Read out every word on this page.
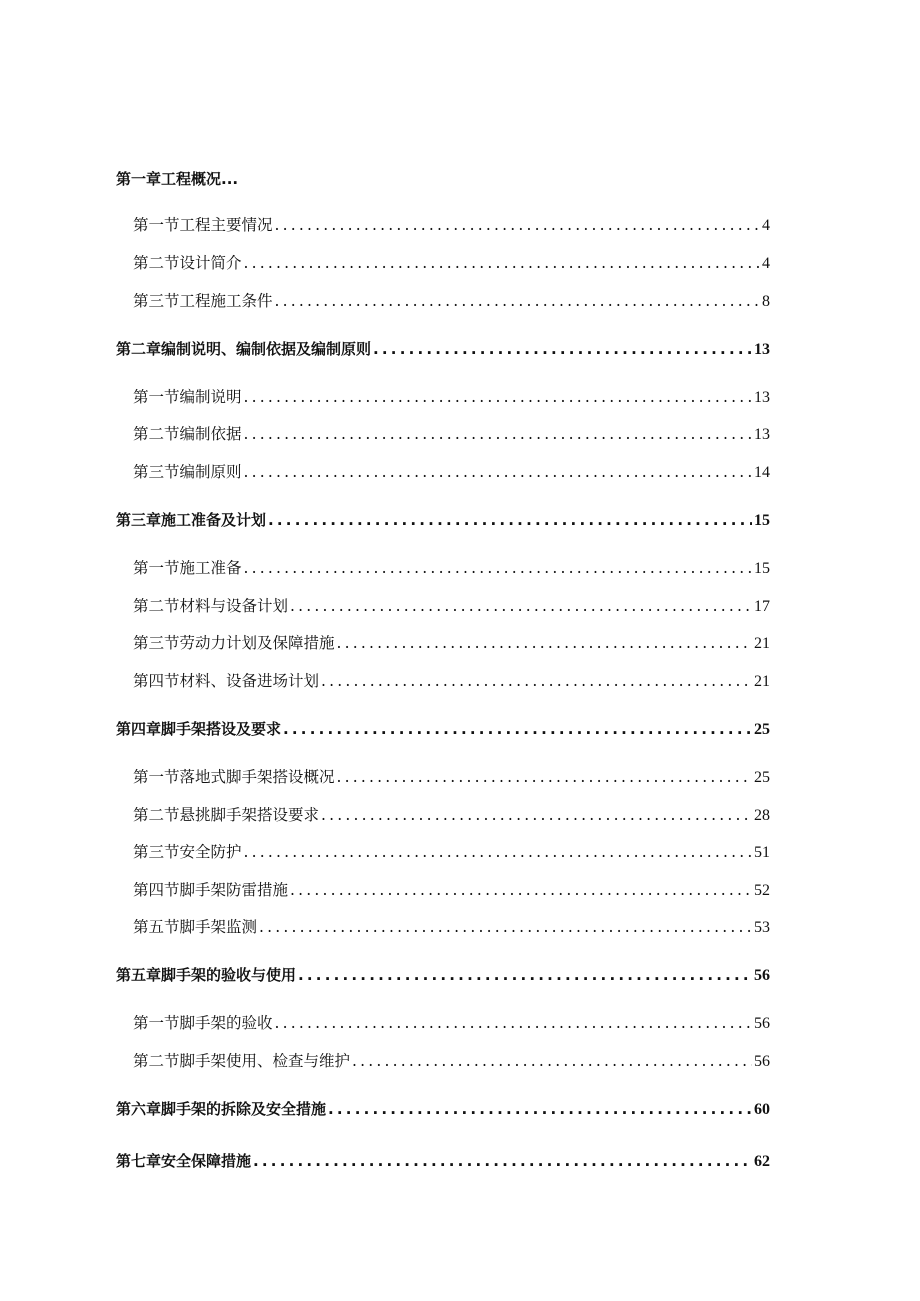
第一章工程概况...
第一节工程主要情况 .....	4
第二节设计简介 .....	4
第三节工程施工条件 .....	8
第二章编制说明、编制依据及编制原则 .....	13
第一节编制说明 .....	13
第二节编制依据 .....	13
第三节编制原则 .....	14
第三章施工准备及计划 .....	15
第一节施工准备 .....	15
第二节材料与设备计划 .....	17
第三节劳动力计划及保障措施 .....	21
第四节材料、设备进场计划 .....	21
第四章脚手架搭设及要求 .....	25
第一节落地式脚手架搭设概况 .....	25
第二节悬挑脚手架搭设要求 .....	28
第三节安全防护 .....	51
第四节脚手架防雷措施 .....	52
第五节脚手架监测 .....	53
第五章脚手架的验收与使用 .....	56
第一节脚手架的验收 .....	56
第二节脚手架使用、检查与维护 .....	56
第六章脚手架的拆除及安全措施 .....	60
第七章安全保障措施 .....	62
